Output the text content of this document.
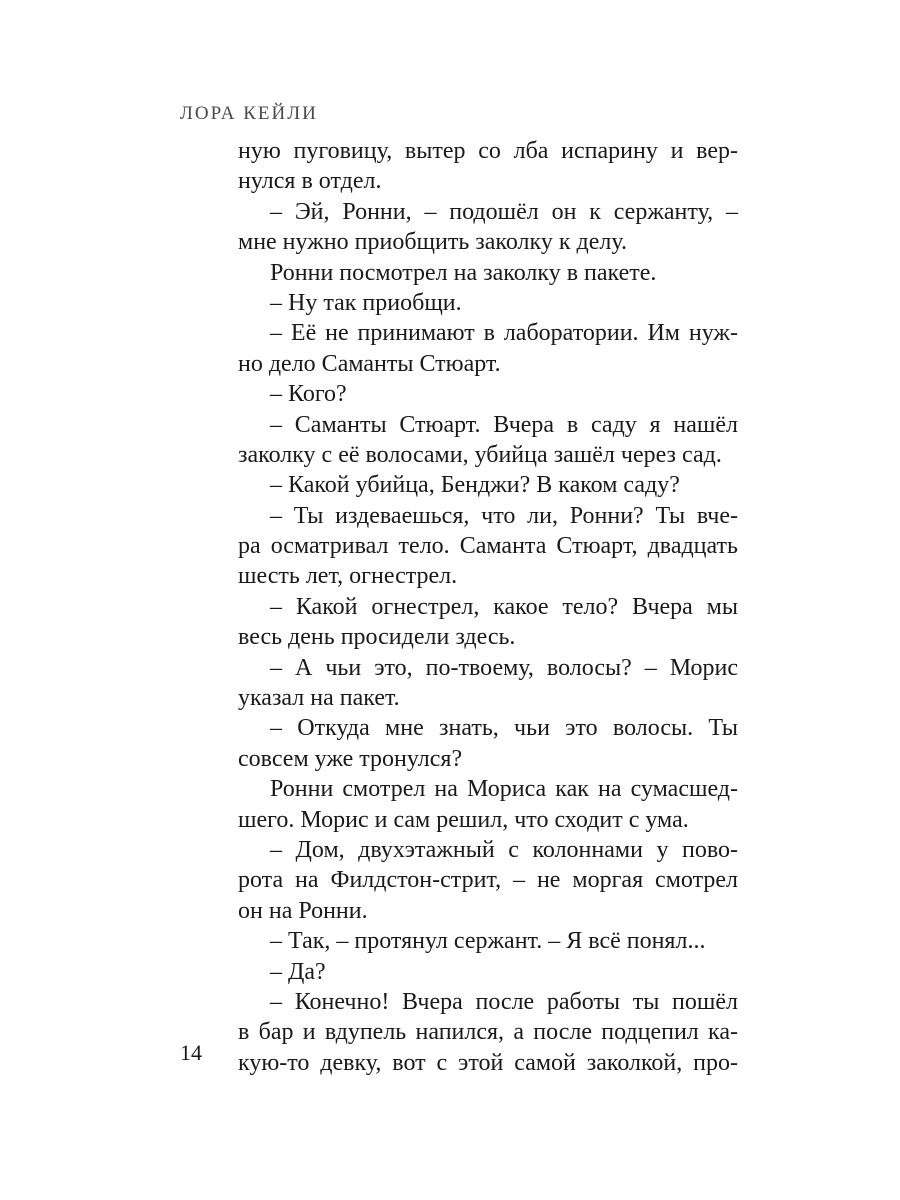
ЛОРА КЕЙЛИ
ную пуговицу, вытер со лба испарину и вер-
нулся в отдел.
– Эй, Ронни, – подошёл он к сержанту, –
мне нужно приобщить заколку к делу.
Ронни посмотрел на заколку в пакете.
– Ну так приобщи.
– Её не принимают в лаборатории. Им нуж-
но дело Саманты Стюарт.
– Кого?
– Саманты Стюарт. Вчера в саду я нашёл
заколку с её волосами, убийца зашёл через сад.
– Какой убийца, Бенджи? В каком саду?
– Ты издеваешься, что ли, Ронни? Ты вче-
ра осматривал тело. Саманта Стюарт, двадцать
шесть лет, огнестрел.
– Какой огнестрел, какое тело? Вчера мы
весь день просидели здесь.
– А чьи это, по-твоему, волосы? – Морис
указал на пакет.
– Откуда мне знать, чьи это волосы. Ты
совсем уже тронулся?
Ронни смотрел на Мориса как на сумасшед-
шего. Морис и сам решил, что сходит с ума.
– Дом, двухэтажный с колоннами у пово-
рота на Филдстон-стрит, – не моргая смотрел
он на Ронни.
– Так, – протянул сержант. – Я всё понял...
– Да?
– Конечно! Вчера после работы ты пошёл
в бар и вдупель напился, а после подцепил ка-
кую-то девку, вот с этой самой заколкой, про-
14
